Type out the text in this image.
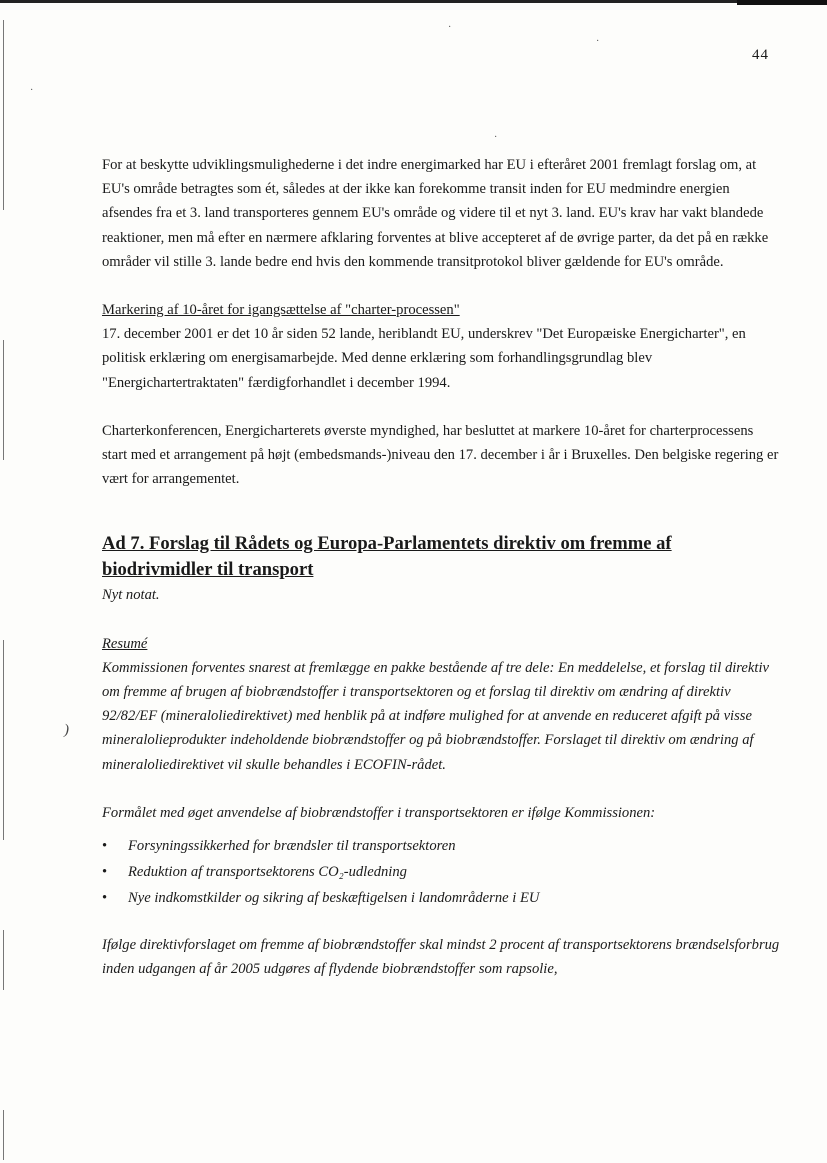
·
·
·
·
44
)

For at beskytte udviklingsmulighederne i det indre energimarked har EU i efteråret 2001 fremlagt forslag om, at EU's område betragtes som ét, således at der ikke kan forekomme transit inden for EU medmindre energien afsendes fra et 3. land transporteres gennem EU's område og videre til et nyt 3. land. EU's krav har vakt blandede reaktioner, men må efter en nærmere afklaring forventes at blive accepteret af de øvrige parter, da det på en række områder vil stille 3. lande bedre end hvis den kommende transitprotokol bliver gældende for EU's område.

Markering af 10-året for igangsættelse af "charter-processen"

17. december 2001 er det 10 år siden 52 lande, heriblandt EU, underskrev "Det Europæiske Energicharter", en politisk erklæring om energisamarbejde. Med denne erklæring som forhandlingsgrundlag blev "Energichartertraktaten" færdigforhandlet i december 1994.

Charterkonferencen, Energicharterets øverste myndighed, har besluttet at markere 10-året for charterprocessens start med et arrangement på højt (embedsmands-)niveau den 17. december i år i Bruxelles. Den belgiske regering er vært for arrangementet.

Ad 7. Forslag til Rådets og Europa-Parlamentets direktiv om fremme af biodrivmidler til transport

Nyt notat.

Resumé

Kommissionen forventes snarest at fremlægge en pakke bestående af tre dele: En meddelelse, et forslag til direktiv om fremme af brugen af biobrændstoffer i transportsektoren og et forslag til direktiv om ændring af direktiv 92/82/EF (mineraloliedirektivet) med henblik på at indføre mulighed for at anvende en reduceret afgift på visse mineralolieprodukter indeholdende biobrændstoffer og på biobrændstoffer. Forslaget til direktiv om ændring af mineraloliedirektivet vil skulle behandles i ECOFIN-rådet.

Formålet med øget anvendelse af biobrændstoffer i transportsektoren er ifølge Kommissionen:

• Forsyningssikkerhed for brændsler til transportsektoren
• Reduktion af transportsektorens CO₂-udledning
• Nye indkomstkilder og sikring af beskæftigelsen i landområderne i EU

Ifølge direktivforslaget om fremme af biobrændstoffer skal mindst 2 procent af transportsektorens brændselsforbrug inden udgangen af år 2005 udgøres af flydende biobrændstoffer som rapsolie,
